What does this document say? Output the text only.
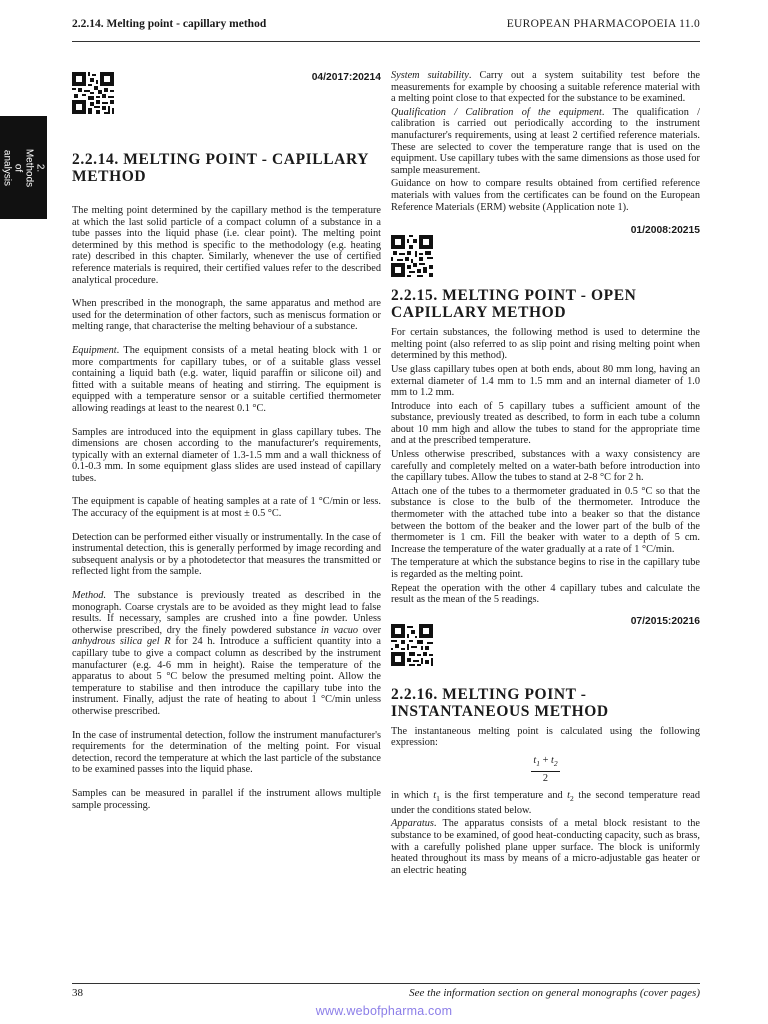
2.2.14. Melting point - capillary method	EUROPEAN PHARMACOPOEIA 11.0
2. Methods
of analysis
04/2017:20214
2.2.14. MELTING POINT - CAPILLARY METHOD

The melting point determined by the capillary method is the temperature at which the last solid particle of a compact column of a substance in a tube passes into the liquid phase (i.e. clear point). The melting point determined by this method is specific to the methodology (e.g. heating rate) described in this chapter. Similarly, whenever the use of certified reference materials is required, their certified values refer to the described analytical procedure.

When prescribed in the monograph, the same apparatus and method are used for the determination of other factors, such as meniscus formation or melting range, that characterise the melting behaviour of a substance.

Equipment. The equipment consists of a metal heating block with 1 or more compartments for capillary tubes, or of a suitable glass vessel containing a liquid bath (e.g. water, liquid paraffin or silicone oil) and fitted with a suitable means of heating and stirring. The equipment is equipped with a temperature sensor or a suitable certified thermometer allowing readings at least to the nearest 0.1 °C.

Samples are introduced into the equipment in glass capillary tubes. The dimensions are chosen according to the manufacturer's requirements, typically with an external diameter of 1.3-1.5 mm and a wall thickness of 0.1-0.3 mm. In some equipment glass slides are used instead of capillary tubes.

The equipment is capable of heating samples at a rate of 1 °C/min or less. The accuracy of the equipment is at most ± 0.5 °C.

Detection can be performed either visually or instrumentally. In the case of instrumental detection, this is generally performed by image recording and subsequent analysis or by a photodetector that measures the transmitted or reflected light from the sample.

Method. The substance is previously treated as described in the monograph. Coarse crystals are to be avoided as they might lead to false results. If necessary, samples are crushed into a fine powder. Unless otherwise prescribed, dry the finely powdered substance in vacuo over anhydrous silica gel R for 24 h. Introduce a sufficient quantity into a capillary tube to give a compact column as described by the instrument manufacturer (e.g. 4-6 mm in height). Raise the temperature of the apparatus to about 5 °C below the presumed melting point. Allow the temperature to stabilise and then introduce the capillary tube into the instrument. Finally, adjust the rate of heating to about 1 °C/min unless otherwise prescribed.

In the case of instrumental detection, follow the instrument manufacturer's requirements for the determination of the melting point. For visual detection, record the temperature at which the last particle of the substance to be examined passes into the liquid phase.

Samples can be measured in parallel if the instrument allows multiple sample processing.

System suitability. Carry out a system suitability test before the measurements for example by choosing a suitable reference material with a melting point close to that expected for the substance to be examined.

Qualification / Calibration of the equipment. The qualification / calibration is carried out periodically according to the instrument manufacturer's requirements, using at least 2 certified reference materials. These are selected to cover the temperature range that is used on the equipment. Use capillary tubes with the same dimensions as those used for sample measurement.

Guidance on how to compare results obtained from certified reference materials with values from the certificates can be found on the European Reference Materials (ERM) website (Application note 1).

01/2008:20215
2.2.15. MELTING POINT - OPEN CAPILLARY METHOD

For certain substances, the following method is used to determine the melting point (also referred to as slip point and rising melting point when determined by this method).

Use glass capillary tubes open at both ends, about 80 mm long, having an external diameter of 1.4 mm to 1.5 mm and an internal diameter of 1.0 mm to 1.2 mm.

Introduce into each of 5 capillary tubes a sufficient amount of the substance, previously treated as described, to form in each tube a column about 10 mm high and allow the tubes to stand for the appropriate time and at the prescribed temperature.

Unless otherwise prescribed, substances with a waxy consistency are carefully and completely melted on a water-bath before introduction into the capillary tubes. Allow the tubes to stand at 2-8 °C for 2 h.

Attach one of the tubes to a thermometer graduated in 0.5 °C so that the substance is close to the bulb of the thermometer. Introduce the thermometer with the attached tube into a beaker so that the distance between the bottom of the beaker and the lower part of the bulb of the thermometer is 1 cm. Fill the beaker with water to a depth of 5 cm. Increase the temperature of the water gradually at a rate of 1 °C/min.

The temperature at which the substance begins to rise in the capillary tube is regarded as the melting point.

Repeat the operation with the other 4 capillary tubes and calculate the result as the mean of the 5 readings.

07/2015:20216
2.2.16. MELTING POINT - INSTANTANEOUS METHOD

The instantaneous melting point is calculated using the following expression:

$\frac{t_1 + t_2}{2}$

in which $t_1$ is the first temperature and $t_2$ the second temperature read under the conditions stated below.

Apparatus. The apparatus consists of a metal block resistant to the substance to be examined, of good heat-conducting capacity, such as brass, with a carefully polished plane upper surface. The block is uniformly heated throughout its mass by means of a micro-adjustable gas heater or an electric heating

38	See the information section on general monographs (cover pages)
www.webofpharma.com
